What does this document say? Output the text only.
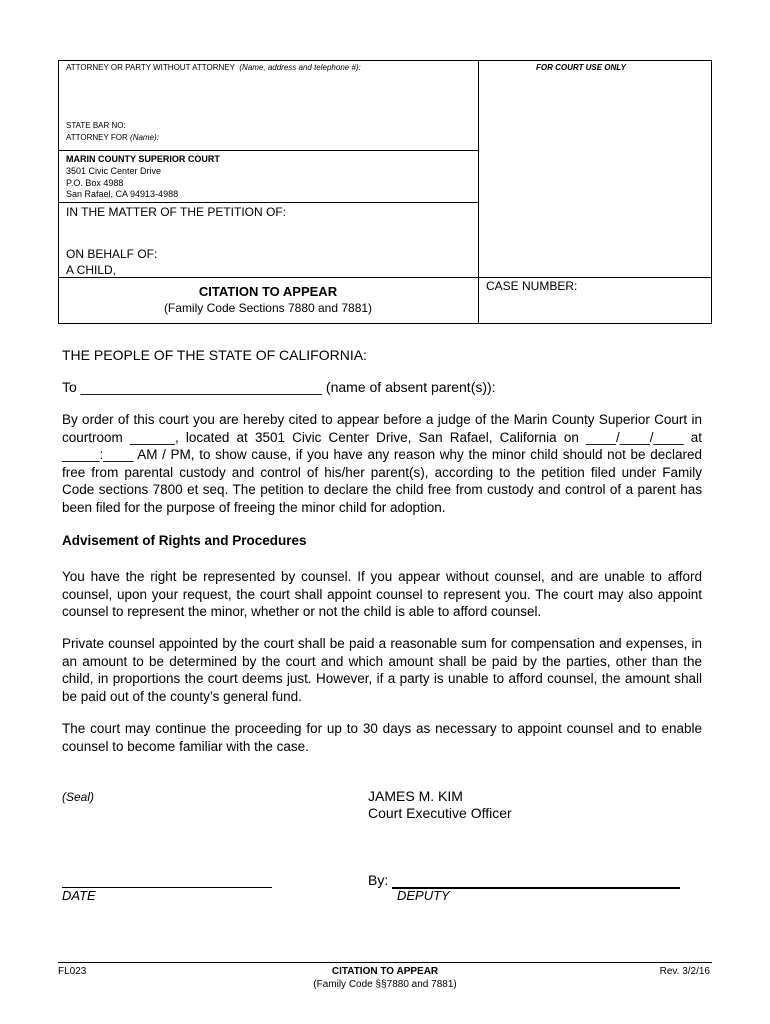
ATTORNEY OR PARTY WITHOUT ATTORNEY (Name, address and telephone #):	FOR COURT USE ONLY
STATE BAR NO:
ATTORNEY FOR (Name):
MARIN COUNTY SUPERIOR COURT
3501 Civic Center Drive
P.O. Box 4988
San Rafael, CA 94913-4988
IN THE MATTER OF THE PETITION OF:
ON BEHALF OF:
A CHILD,
CITATION TO APPEAR
(Family Code Sections 7880 and 7881)
CASE NUMBER:
THE PEOPLE OF THE STATE OF CALIFORNIA:
To _______________________________ (name of absent parent(s)):
By order of this court you are hereby cited to appear before a judge of the Marin County Superior Court in courtroom ______, located at 3501 Civic Center Drive, San Rafael, California on ____/____/____ at _____:____ AM / PM, to show cause, if you have any reason why the minor child should not be declared free from parental custody and control of his/her parent(s), according to the petition filed under Family Code sections 7800 et seq. The petition to declare the child free from custody and control of a parent has been filed for the purpose of freeing the minor child for adoption.
Advisement of Rights and Procedures
You have the right be represented by counsel. If you appear without counsel, and are unable to afford counsel, upon your request, the court shall appoint counsel to represent you. The court may also appoint counsel to represent the minor, whether or not the child is able to afford counsel.
Private counsel appointed by the court shall be paid a reasonable sum for compensation and expenses, in an amount to be determined by the court and which amount shall be paid by the parties, other than the child, in proportions the court deems just. However, if a party is unable to afford counsel, the amount shall be paid out of the county’s general fund.
The court may continue the proceeding for up to 30 days as necessary to appoint counsel and to enable counsel to become familiar with the case.
(Seal)	JAMES M. KIM
Court Executive Officer
DATE
By:
DEPUTY
FL023	CITATION TO APPEAR
(Family Code §§7880 and 7881)
Rev. 3/2/16
